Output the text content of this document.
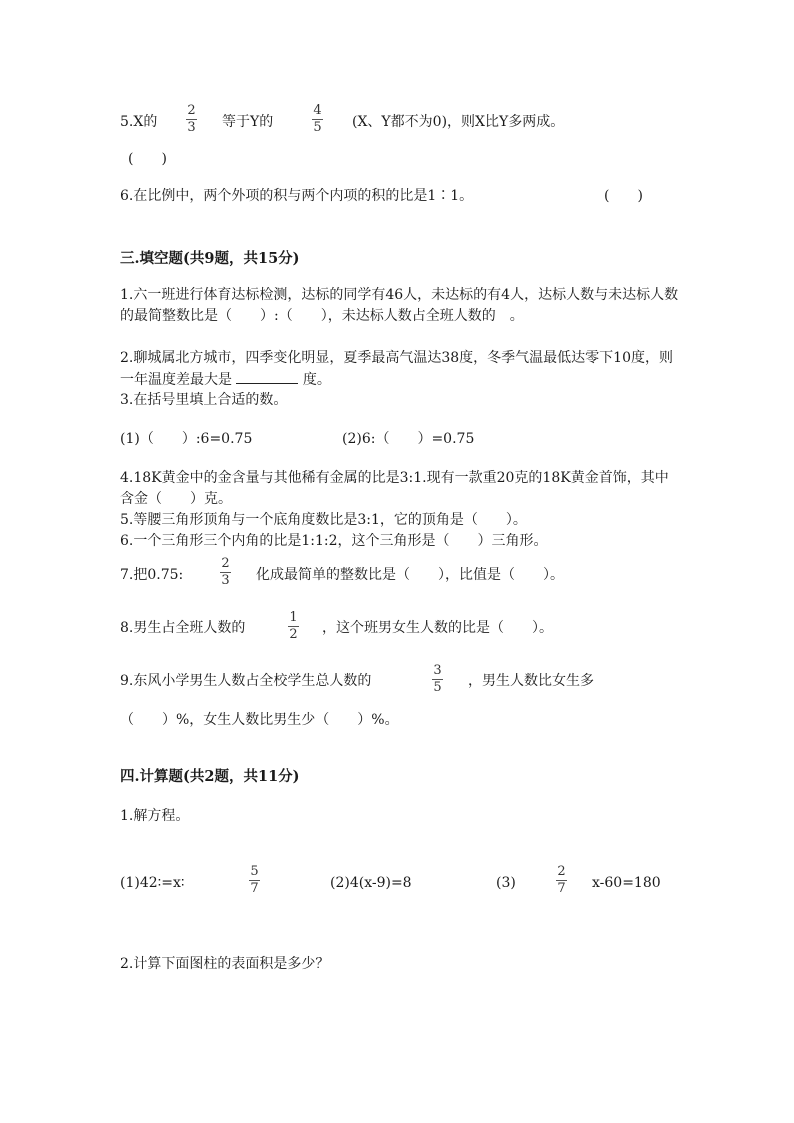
5.X的
2
3 等于Y的
4
5 (X、Y都不为0)，则X比Y多两成。
(　　)
6.在比例中，两个外项的积与两个内项的积的比是1∶1。	(　　)
三.填空题(共9题，共15分)
1.六一班进行体育达标检测，达标的同学有46人，未达标的有4人，达标人数与未达标人数的最简整数比是（　　）:（　　），未达标人数占全班人数的　。
2.聊城属北方城市，四季变化明显，夏季最高气温达38度，冬季气温最低达零下10度，则一年温度差最大是	度。
3.在括号里填上合适的数。
(1)（　　）:6=0.75	(2)6:（　　）=0.75
4.18K黄金中的金含量与其他稀有金属的比是3:1.现有一款重20克的18K黄金首饰，其中含金（　　）克。
5.等腰三角形顶角与一个底角度数比是3:1，它的顶角是（　　）。
6.一个三角形三个内角的比是1:1:2，这个三角形是（　　）三角形。
7.把0.75:
2
3 化成最简单的整数比是（　　），比值是（　　）。
8.男生占全班人数的
1
2 ，这个班男女生人数的比是（　　）。
9.东风小学男生人数占全校学生总人数的
3
5 ，男生人数比女生多
（　　）%，女生人数比男生少（　　）%。
四.计算题(共2题，共11分)
1.解方程。
(1)42∶=x∶
5
7	(2)4(x-9)=8	(3)
2
7 x-60=180
2.计算下面图柱的表面积是多少？
